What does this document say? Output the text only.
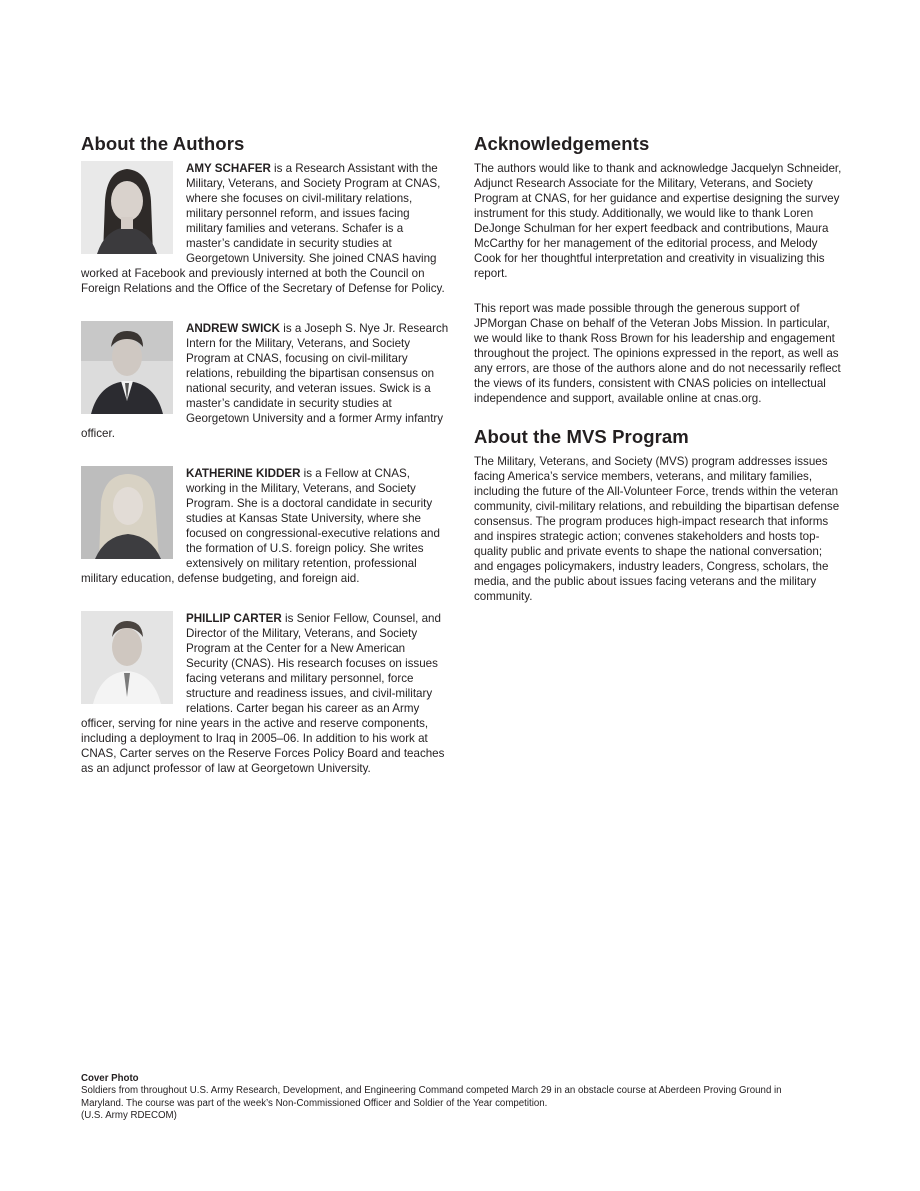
About the Authors
AMY SCHAFER is a Research Assistant with the Military, Veterans, and Society Program at CNAS, where she focuses on civil-military relations, military personnel reform, and issues facing military families and veterans. Schafer is a master’s candidate in security studies at Georgetown University. She joined CNAS having worked at Facebook and previously interned at both the Council on Foreign Relations and the Office of the Secretary of Defense for Policy.
ANDREW SWICK is a Joseph S. Nye Jr. Research Intern for the Military, Veterans, and Society Program at CNAS, focusing on civil-military relations, rebuilding the bipartisan consensus on national security, and veteran issues. Swick is a master’s candidate in security studies at Georgetown University and a former Army infantry officer.
KATHERINE KIDDER is a Fellow at CNAS, working in the Military, Veterans, and Society Program. She is a doctoral candidate in security studies at Kansas State University, where she focused on congressional-executive relations and the formation of U.S. foreign policy. She writes extensively on military retention, professional military education, defense budgeting, and foreign aid.
PHILLIP CARTER is Senior Fellow, Counsel, and Director of the Military, Veterans, and Society Program at the Center for a New American Security (CNAS). His research focuses on issues facing veterans and military personnel, force structure and readiness issues, and civil-military relations. Carter began his career as an Army officer, serving for nine years in the active and reserve components, including a deployment to Iraq in 2005–06. In addition to his work at CNAS, Carter serves on the Reserve Forces Policy Board and teaches as an adjunct professor of law at Georgetown University.
Acknowledgements

The authors would like to thank and acknowledge Jacquelyn Schneider, Adjunct Research Associate for the Military, Veterans, and Society Program at CNAS, for her guidance and expertise designing the survey instrument for this study. Additionally, we would like to thank Loren DeJonge Schulman for her expert feedback and contributions, Maura McCarthy for her management of the editorial process, and Melody Cook for her thoughtful interpretation and creativity in visualizing this report.

This report was made possible through the generous support of JPMorgan Chase on behalf of the Veteran Jobs Mission. In particular, we would like to thank Ross Brown for his leadership and engagement throughout the project. The opinions expressed in the report, as well as any errors, are those of the authors alone and do not necessarily reflect the views of its funders, consistent with CNAS policies on intellectual independence and support, available online at cnas.org.

About the MVS Program

The Military, Veterans, and Society (MVS) program addresses issues facing America’s service members, veterans, and military families, including the future of the All-Volunteer Force, trends within the veteran community, civil-military relations, and rebuilding the bipartisan defense consensus. The program produces high-impact research that informs and inspires strategic action; convenes stakeholders and hosts top-quality public and private events to shape the national conversation; and engages policymakers, industry leaders, Congress, scholars, the media, and the public about issues facing veterans and the military community.

Cover Photo
Soldiers from throughout U.S. Army Research, Development, and Engineering Command competed March 29 in an obstacle course at Aberdeen Proving Ground in Maryland. The course was part of the week’s Non-Commissioned Officer and Soldier of the Year competition.
(U.S. Army RDECOM)
